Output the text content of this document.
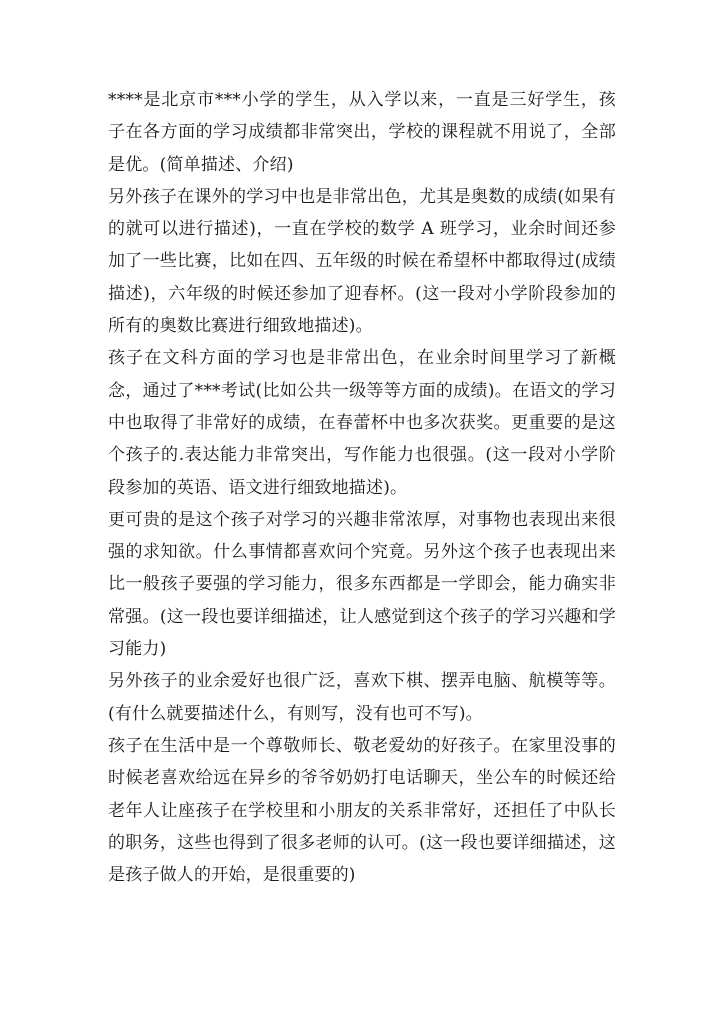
****是北京市***小学的学生，从入学以来，一直是三好学生，孩子在各方面的学习成绩都非常突出，学校的课程就不用说了，全部是优。(简单描述、介绍)

另外孩子在课外的学习中也是非常出色，尤其是奥数的成绩(如果有的就可以进行描述)，一直在学校的数学 A 班学习，业余时间还参加了一些比赛，比如在四、五年级的时候在希望杯中都取得过(成绩描述)，六年级的时候还参加了迎春杯。(这一段对小学阶段参加的所有的奥数比赛进行细致地描述)。

孩子在文科方面的学习也是非常出色，在业余时间里学习了新概念，通过了***考试(比如公共一级等等方面的成绩)。在语文的学习中也取得了非常好的成绩，在春蕾杯中也多次获奖。更重要的是这个孩子的.表达能力非常突出，写作能力也很强。(这一段对小学阶段参加的英语、语文进行细致地描述)。

更可贵的是这个孩子对学习的兴趣非常浓厚，对事物也表现出来很强的求知欲。什么事情都喜欢问个究竟。另外这个孩子也表现出来比一般孩子要强的学习能力，很多东西都是一学即会，能力确实非常强。(这一段也要详细描述，让人感觉到这个孩子的学习兴趣和学习能力)

另外孩子的业余爱好也很广泛，喜欢下棋、摆弄电脑、航模等等。(有什么就要描述什么，有则写，没有也可不写)。

孩子在生活中是一个尊敬师长、敬老爱幼的好孩子。在家里没事的时候老喜欢给远在异乡的爷爷奶奶打电话聊天，坐公车的时候还给老年人让座孩子在学校里和小朋友的关系非常好，还担任了中队长的职务，这些也得到了很多老师的认可。(这一段也要详细描述，这是孩子做人的开始，是很重要的)
